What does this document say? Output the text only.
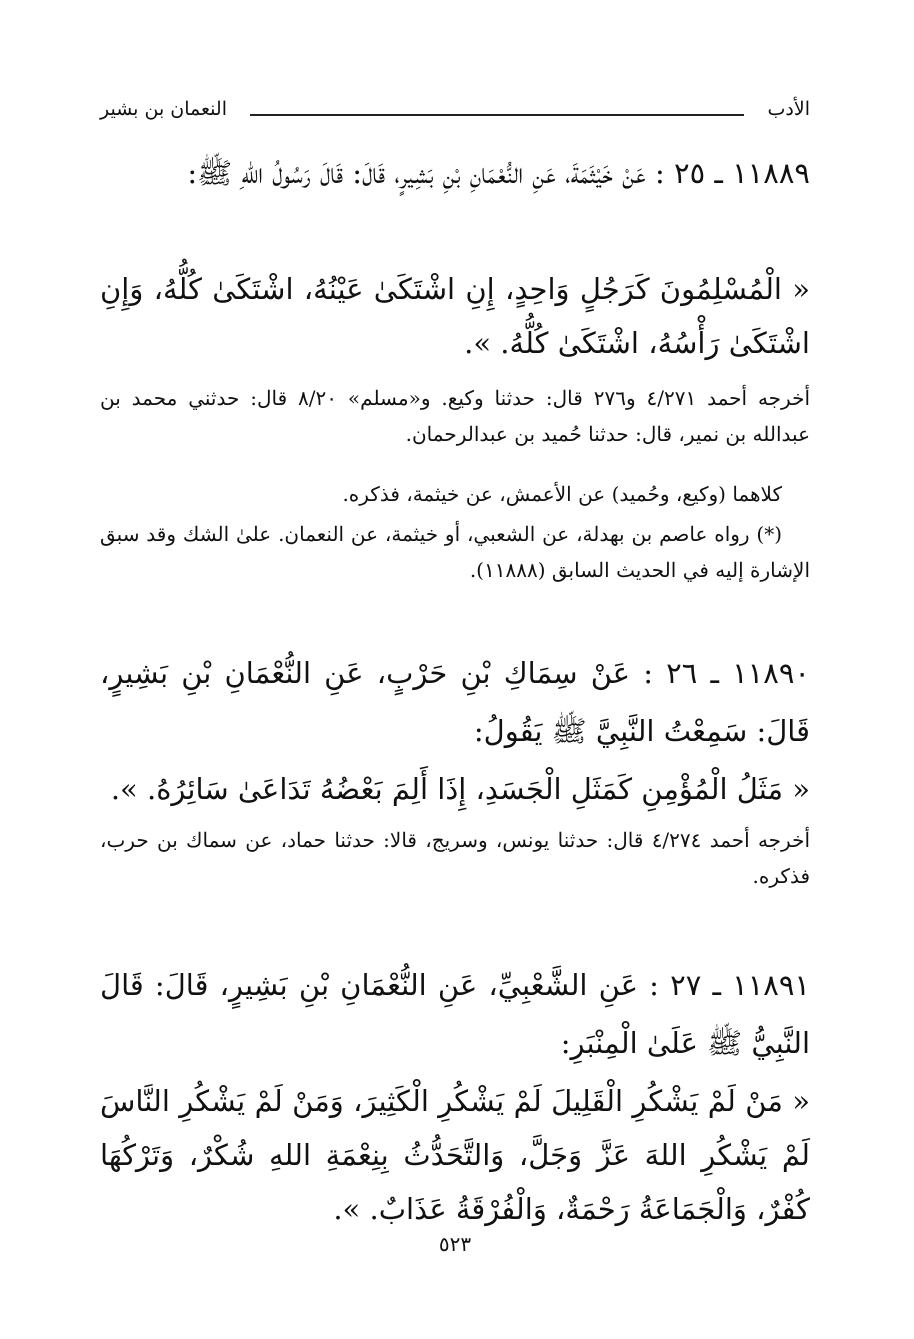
الأدب
النعمان بن بشير
١١٨٨٩ ـ ٢٥ : عَنْ خَيْثَمَةَ، عَنِ النُّعْمَانِ بْنِ بَشِيرٍ، قَالَ: قَالَ رَسُولُ اللهِ ﷺ:
« الْمُسْلِمُونَ كَرَجُلٍ وَاحِدٍ، إِنِ اشْتَكَىٰ عَيْنُهُ، اشْتَكَىٰ كُلُّهُ، وَإِنِ اشْتَكَىٰ رَأْسُهُ، اشْتَكَىٰ كُلُّهُ. ».
أخرجه أحمد ٤/٢٧١ و٢٧٦ قال: حدثنا وكيع. و«مسلم» ٨/٢٠ قال: حدثني محمد بن عبدالله بن نمير، قال: حدثنا حُميد بن عبدالرحمان.
كلاهما (وكيع، وحُميد) عن الأعمش، عن خيثمة، فذكره.
(*) رواه عاصم بن بهدلة، عن الشعبي، أو خيثمة، عن النعمان. علىٰ الشك وقد سبق الإشارة إليه في الحديث السابق (١١٨٨٨).
١١٨٩٠ ـ ٢٦ : عَنْ سِمَاكِ بْنِ حَرْبٍ، عَنِ النُّعْمَانِ بْنِ بَشِيرٍ، قَالَ: سَمِعْتُ النَّبِيَّ ﷺ يَقُولُ:
« مَثَلُ الْمُؤْمِنِ كَمَثَلِ الْجَسَدِ، إِذَا أَلِمَ بَعْضُهُ تَدَاعَىٰ سَائِرُهُ. ».
أخرجه أحمد ٤/٢٧٤ قال: حدثنا يونس، وسريج، قالا: حدثنا حماد، عن سماك بن حرب، فذكره.
١١٨٩١ ـ ٢٧ : عَنِ الشَّعْبِيِّ، عَنِ النُّعْمَانِ بْنِ بَشِيرٍ، قَالَ: قَالَ النَّبِيُّ ﷺ عَلَىٰ الْمِنْبَرِ:
« مَنْ لَمْ يَشْكُرِ الْقَلِيلَ لَمْ يَشْكُرِ الْكَثِيرَ، وَمَنْ لَمْ يَشْكُرِ النَّاسَ لَمْ يَشْكُرِ اللهَ عَزَّ وَجَلَّ، وَالتَّحَدُّثُ بِنِعْمَةِ اللهِ شُكْرٌ، وَتَرْكُهَا كُفْرٌ، وَالْجَمَاعَةُ رَحْمَةٌ، وَالْفُرْقَةُ عَذَابٌ. ».
٥٢٣
